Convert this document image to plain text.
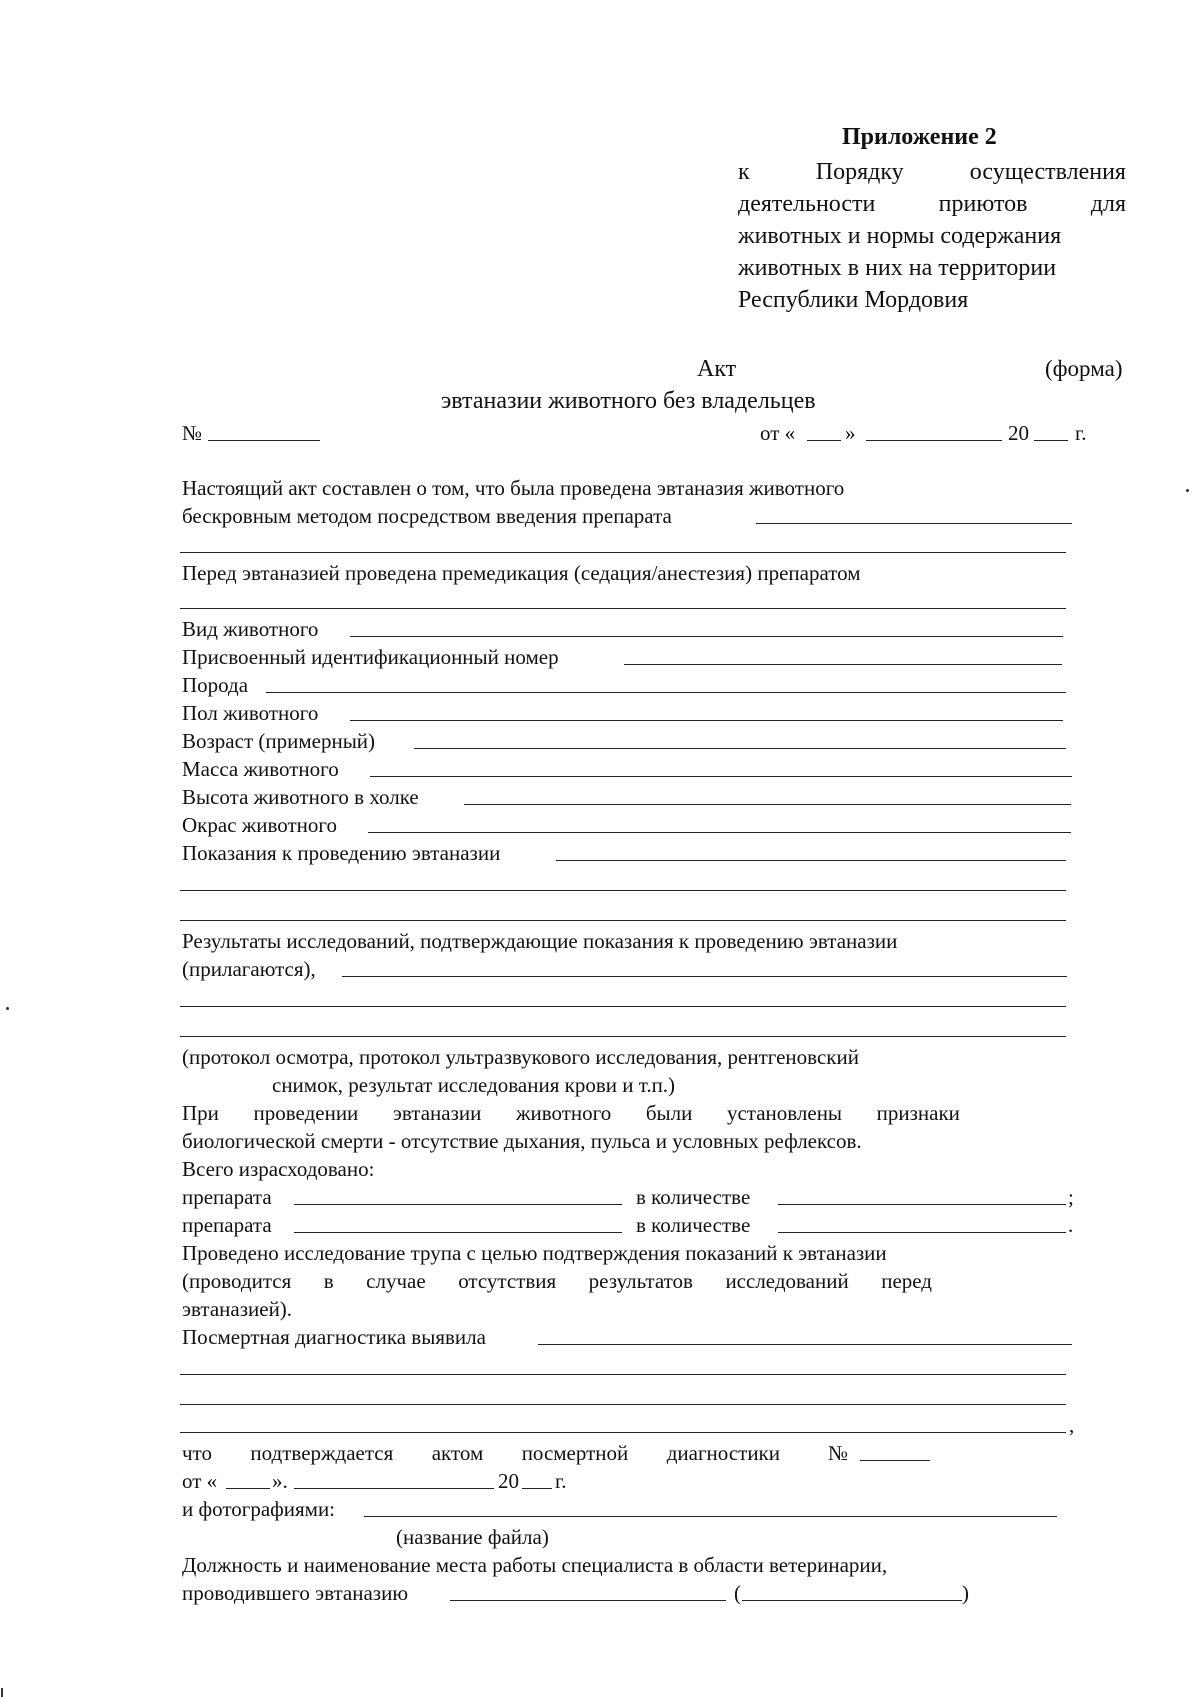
Приложение 2
к	Порядку	осуществления
деятельности	приютов	для
животных и нормы содержания
животных в них на территории
Республики Мордовия
Акт	(форма)
эвтаназии животного без владельцев
№	от « »	20 г.
Настоящий акт составлен о том, что была проведена эвтаназия животного
бескровным методом посредством введения препарата
Перед эвтаназией проведена премедикация (седация/анестезия) препаратом
Вид животного
Присвоенный идентификационный номер
Порода
Пол животного
Возраст (примерный)
Масса животного
Высота животного в холке
Окрас животного
Показания к проведению эвтаназии
Результаты исследований, подтверждающие показания к проведению эвтаназии
(прилагаются),
(протокол осмотра, протокол ультразвукового исследования, рентгеновский
снимок, результат исследования крови и т.п.)
При проведении эвтаназии животного были установлены признаки
биологической смерти - отсутствие дыхания, пульса и условных рефлексов.
Всего израсходовано:
препарата	в количестве	;
препарата	в количестве	.
Проведено исследование трупа с целью подтверждения показаний к эвтаназии
(проводится в случае отсутствия результатов исследований перед
эвтаназией).
Посмертная диагностика выявила
,
что подтверждается актом посмертной диагностики №
от «	».	20 г.
и фотографиями:
(название файла)
Должность и наименование места работы специалиста в области ветеринарии,
проводившего эвтаназию	(	)
